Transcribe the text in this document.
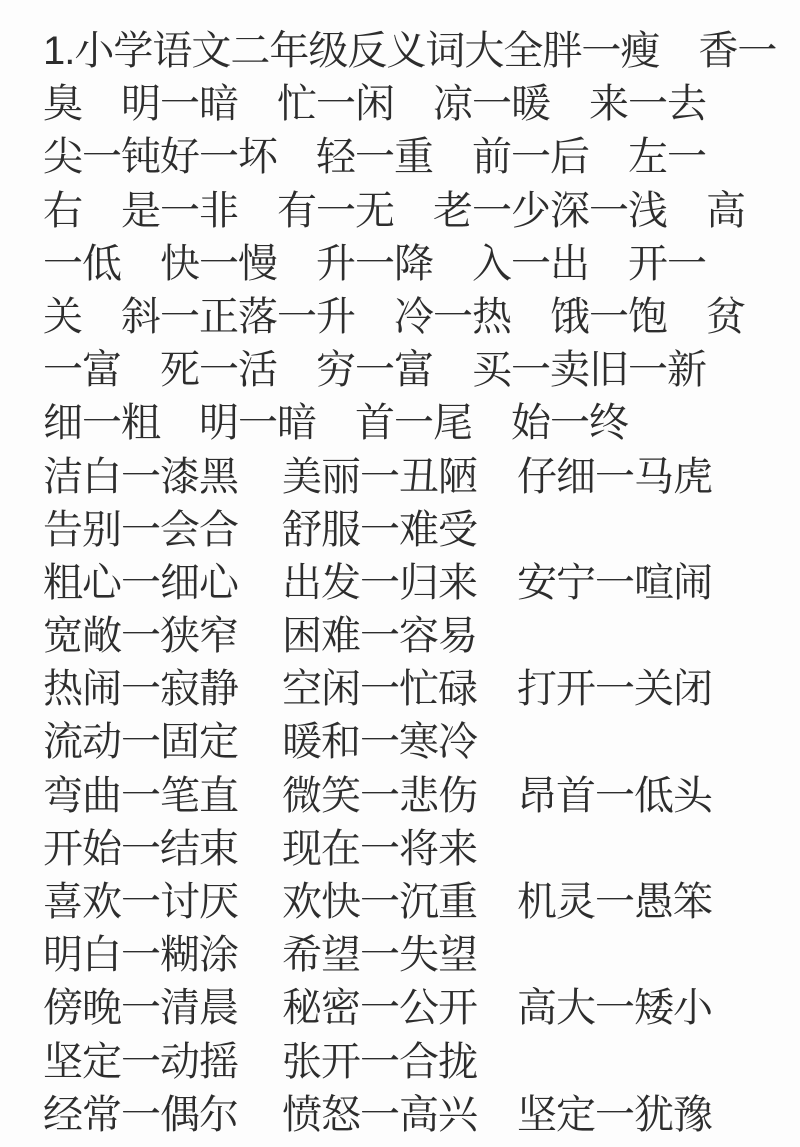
1.小学语文二年级反义词大全胖一瘦　香一
臭　明一暗　忙一闲　凉一暖　来一去
尖一钝好一坏　轻一重　前一后　左一
右　是一非　有一无　老一少深一浅　高
一低　快一慢　升一降　入一出　开一
关　斜一正落一升　冷一热　饿一饱　贫
一富　死一活　穷一富　买一卖旧一新
细一粗　明一暗　首一尾　始一终
洁白一漆黑 美丽一丑陋 仔细一马虎
告别一会合 舒服一难受
粗心一细心 出发一归来 安宁一喧闹
宽敞一狭窄 困难一容易
热闹一寂静 空闲一忙碌 打开一关闭
流动一固定 暖和一寒冷
弯曲一笔直 微笑一悲伤 昂首一低头
开始一结束 现在一将来
喜欢一讨厌 欢快一沉重 机灵一愚笨
明白一糊涂 希望一失望
傍晚一清晨 秘密一公开 高大一矮小
坚定一动摇 张开一合拢
经常一偶尔 愤怒一高兴 坚定一犹豫
